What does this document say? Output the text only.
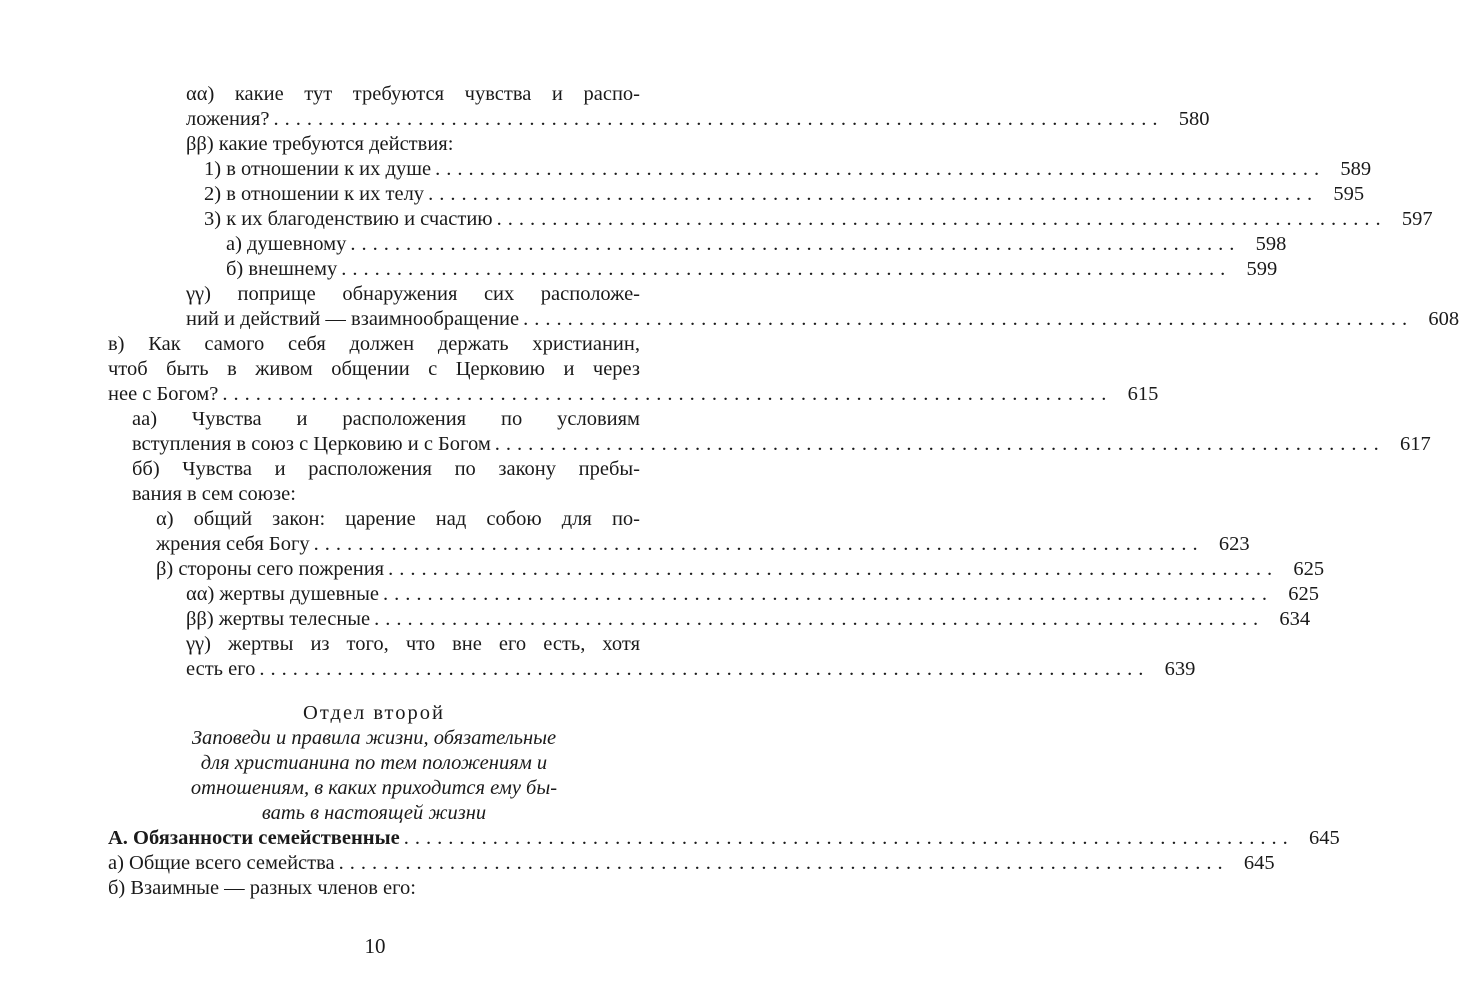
αα) какие тут требуются чувства и распо-
ложения? ................................................................................ 580
ββ) какие требуются действия:
1) в отношении к их душе ................................................................................ 589
2) в отношении к их телу ................................................................................ 595
3) к их благоденствию и счастию ................................................................................ 597
а) душевному ................................................................................ 598
б) внешнему ................................................................................ 599
γγ) поприще обнаружения сих расположе-
ний и действий — взаимнообращение ................................................................................ 608
в) Как самого себя должен держать христианин,
чтоб быть в живом общении с Церковию и через
нее с Богом? ................................................................................ 615
аа) Чувства и расположения по условиям
вступления в союз с Церковию и с Богом ................................................................................ 617
бб) Чувства и расположения по закону пребы-
вания в сем союзе:
α) общий закон: царение над собою для по-
жрения себя Богу ................................................................................ 623
β) стороны сего пожрения ................................................................................ 625
αα) жертвы душевные ................................................................................ 625
ββ) жертвы телесные ................................................................................ 634
γγ) жертвы из того, что вне его есть, хотя
есть его ................................................................................ 639
Отдел второй
Заповеди и правила жизни, обязательные
для христианина по тем положениям и
отношениям, в каких приходится ему бы-
вать в настоящей жизни
А. Обязанности семейственные ................................................................................ 645
а) Общие всего семейства ................................................................................ 645
б) Взаимные — разных членов его:
10
